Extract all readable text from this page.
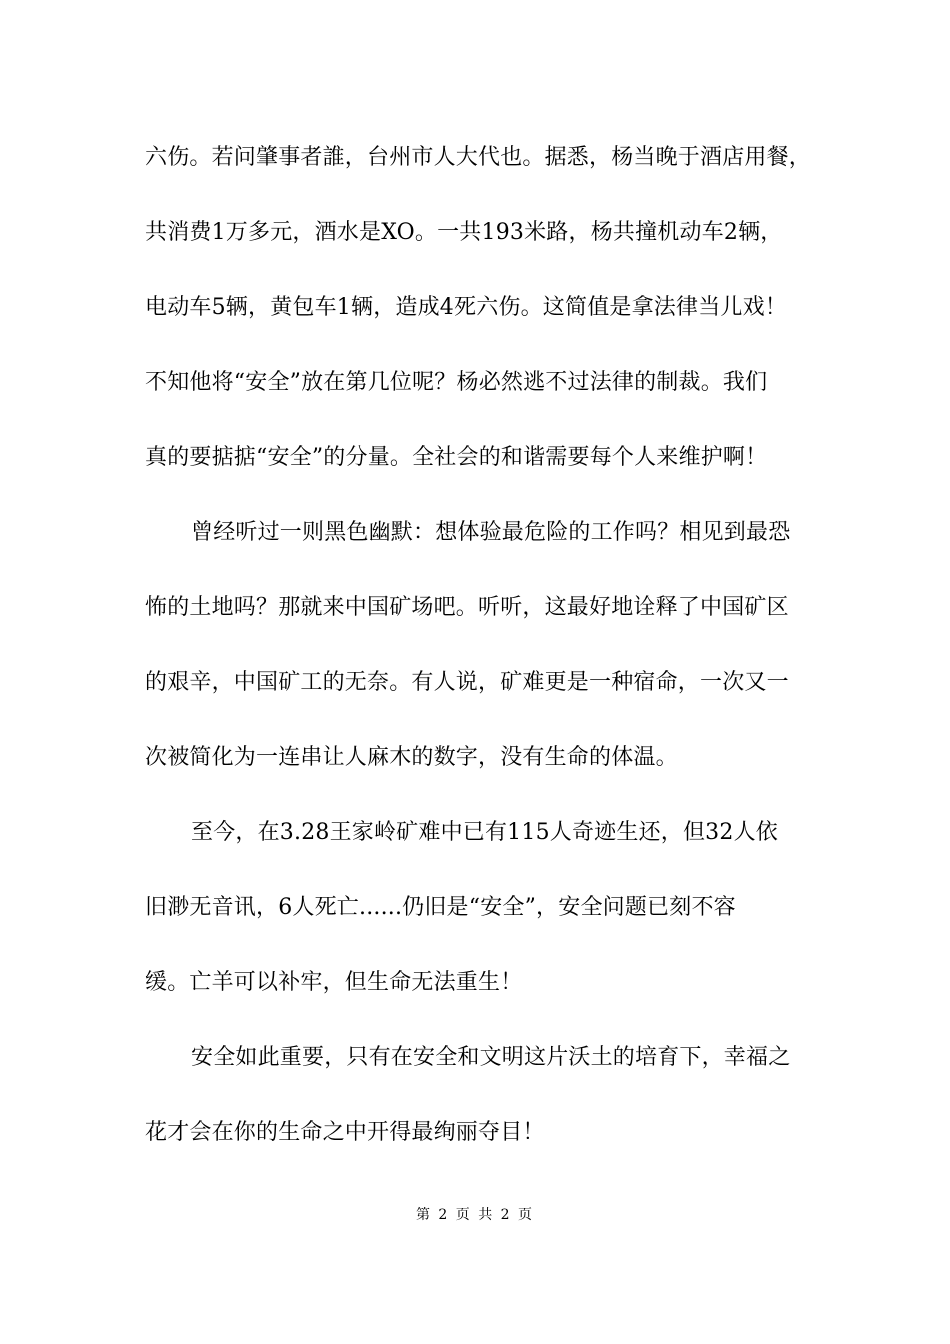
六伤。若问肇事者誰，台州市人大代也。据悉，杨当晚于酒店用餐，
共消费1万多元，酒水是XO。一共193米路，杨共撞机动车2辆，
电动车5辆，黄包车1辆，造成4死六伤。这简值是拿法律当儿戏！
不知他将“安全”放在第几位呢？杨必然逃不过法律的制裁。我们
真的要掂掂“安全”的分量。全社会的和谐需要每个人来维护啊！
曾经听过一则黑色幽默：想体验最危险的工作吗？相见到最恐
怖的土地吗？那就来中国矿场吧。听听，这最好地诠释了中国矿区
的艰辛，中国矿工的无奈。有人说，矿难更是一种宿命，一次又一
次被简化为一连串让人麻木的数字，没有生命的体温。
至今，在3.28王家岭矿难中已有115人奇迹生还，但32人依
旧渺无音讯，6人死亡......仍旧是“安全”，安全问题已刻不容
缓。亡羊可以补牢，但生命无法重生！
安全如此重要，只有在安全和文明这片沃土的培育下，幸福之
花才会在你的生命之中开得最绚丽夺目！
第 2 页 共 2 页
